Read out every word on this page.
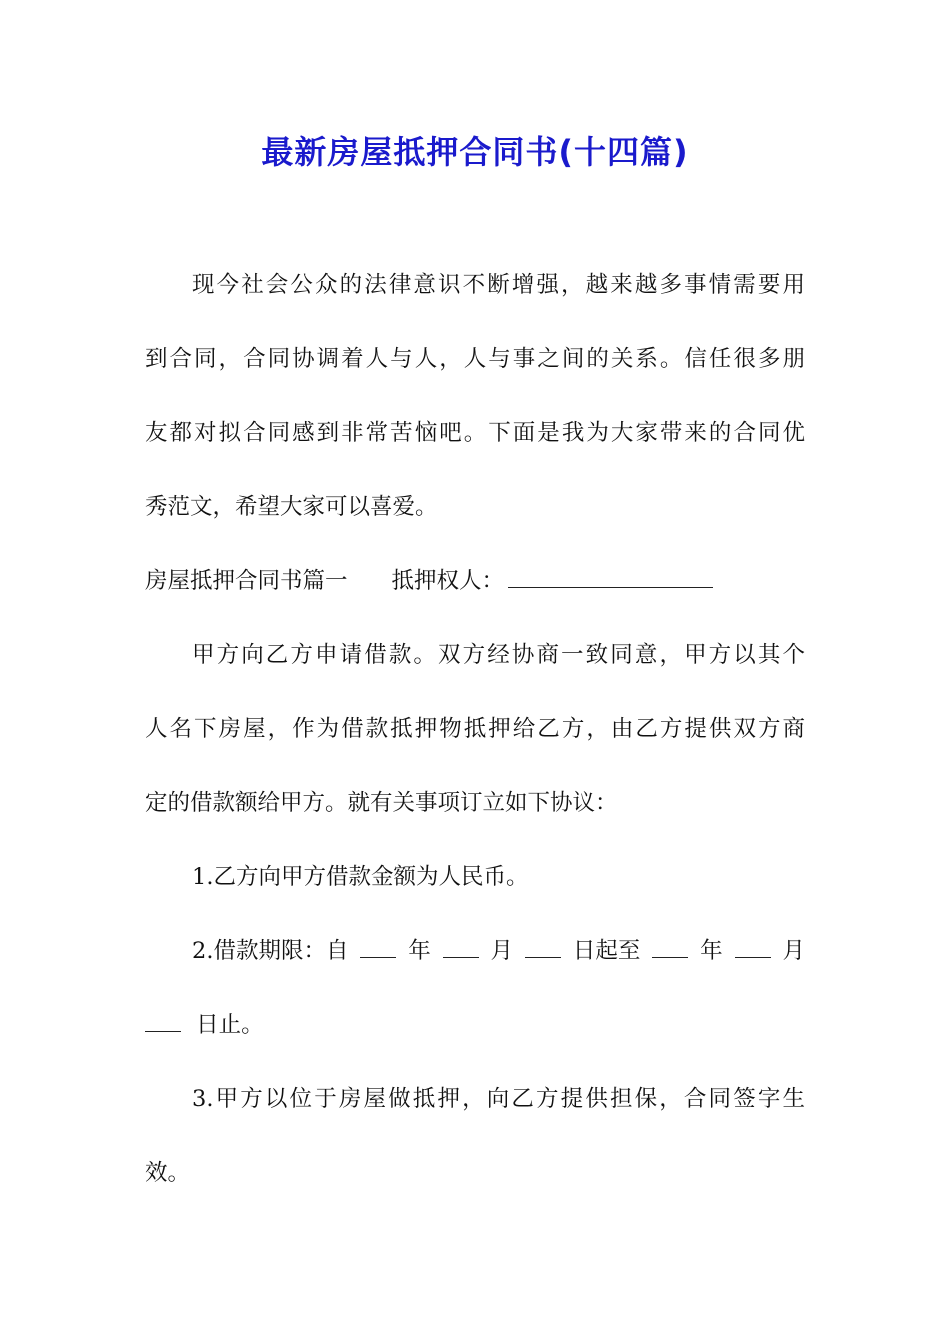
最新房屋抵押合同书(十四篇)
现今社会公众的法律意识不断增强，越来越多事情需要用
到合同，合同协调着人与人，人与事之间的关系。信任很多朋
友都对拟合同感到非常苦恼吧。下面是我为大家带来的合同优
秀范文，希望大家可以喜爱。
房屋抵押合同书篇一 抵押权人：
甲方向乙方申请借款。双方经协商一致同意，甲方以其个
人名下房屋，作为借款抵押物抵押给乙方，由乙方提供双方商
定的借款额给甲方。就有关事项订立如下协议：
1.乙方向甲方借款金额为人民币。
2.借款期限：自	年	月	日起至	年	月
日止。
3.甲方以位于房屋做抵押，向乙方提供担保，合同签字生
效。
